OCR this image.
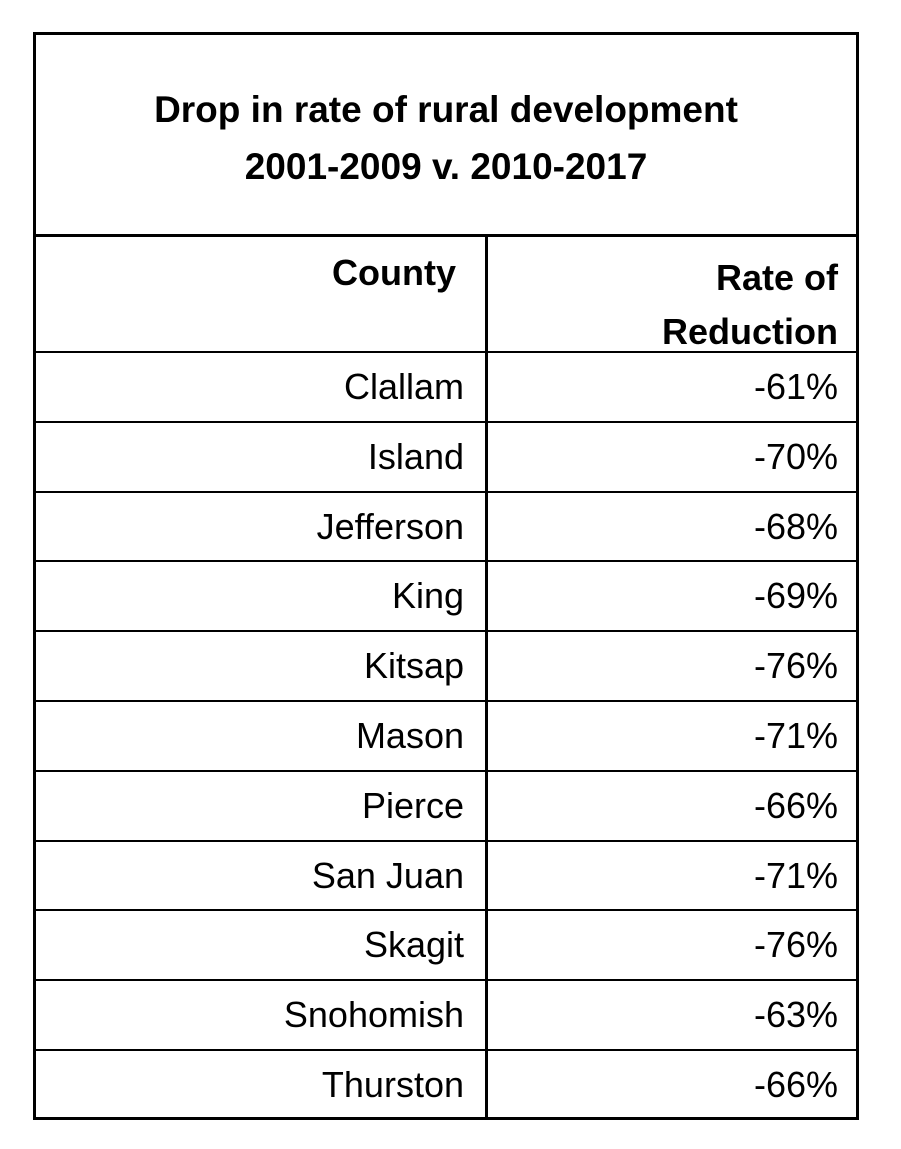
Drop in rate of rural development
2001-2009 v. 2010-2017
County	Rate of
Reduction
Clallam	-61%
Island	-70%
Jefferson	-68%
King	-69%
Kitsap	-76%
Mason	-71%
Pierce	-66%
San Juan	-71%
Skagit	-76%
Snohomish	-63%
Thurston	-66%
